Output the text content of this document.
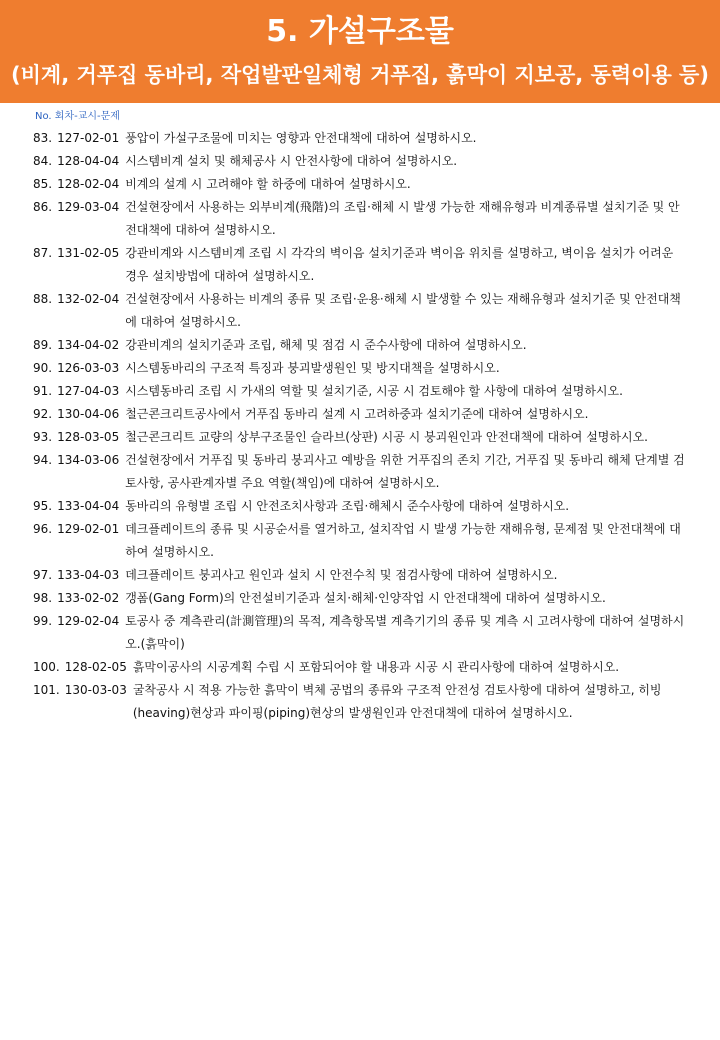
5. 가설구조물
(비계, 거푸집 동바리, 작업발판일체형 거푸집, 흙막이 지보공, 동력이용 등)
No. 회차-교시-문제
83. 127-02-01 풍압이 가설구조물에 미치는 영향과 안전대책에 대하여 설명하시오.
84. 128-04-04 시스템비계 설치 및 해체공사 시 안전사항에 대하여 설명하시오.
85. 128-02-04 비계의 설계 시 고려해야 할 하중에 대하여 설명하시오.
86. 129-03-04 건설현장에서 사용하는 외부비계(飛階)의 조립·해체 시 발생 가능한 재해유형과 비계종류별 설치기준 및 안전대책에 대하여 설명하시오.
87. 131-02-05 강관비계와 시스템비계 조립 시 각각의 벽이음 설치기준과 벽이음 위치를 설명하고, 벽이음 설치가 어려운 경우 설치방법에 대하여 설명하시오.
88. 132-02-04 건설현장에서 사용하는 비계의 종류 및 조립·운용·해체 시 발생할 수 있는 재해유형과 설치기준 및 안전대책에 대하여 설명하시오.
89. 134-04-02 강관비계의 설치기준과 조립, 해체 및 점검 시 준수사항에 대하여 설명하시오.
90. 126-03-03 시스템동바리의 구조적 특징과 붕괴발생원인 및 방지대책을 설명하시오.
91. 127-04-03 시스템동바리 조립 시 가새의 역할 및 설치기준, 시공 시 검토해야 할 사항에 대하여 설명하시오.
92. 130-04-06 철근콘크리트공사에서 거푸집 동바리 설계 시 고려하중과 설치기준에 대하여 설명하시오.
93. 128-03-05 철근콘크리트 교량의 상부구조물인 슬라브(상판) 시공 시 붕괴원인과 안전대책에 대하여 설명하시오.
94. 134-03-06 건설현장에서 거푸집 및 동바리 붕괴사고 예방을 위한 거푸집의 존치 기간, 거푸집 및 동바리 해체 단계별 검토사항, 공사관계자별 주요 역할(책임)에 대하여 설명하시오.
95. 133-04-04 동바리의 유형별 조립 시 안전조치사항과 조립·해체시 준수사항에 대하여 설명하시오.
96. 129-02-01 데크플레이트의 종류 및 시공순서를 열거하고, 설치작업 시 발생 가능한 재해유형, 문제점 및 안전대책에 대하여 설명하시오.
97. 133-04-03 데크플레이트 붕괴사고 원인과 설치 시 안전수칙 및 점검사항에 대하여 설명하시오.
98. 133-02-02 갱폼(Gang Form)의 안전설비기준과 설치·해체·인양작업 시 안전대책에 대하여 설명하시오.
99. 129-02-04 토공사 중 계측관리(計測管理)의 목적, 계측항목별 계측기기의 종류 및 계측 시 고려사항에 대하여 설명하시오.(흙막이)
100. 128-02-05 흙막이공사의 시공계획 수립 시 포함되어야 할 내용과 시공 시 관리사항에 대하여 설명하시오.
101. 130-03-03 굴착공사 시 적용 가능한 흙막이 벽체 공법의 종류와 구조적 안전성 검토사항에 대하여 설명하고, 히빙(heaving)현상과 파이핑(piping)현상의 발생원인과 안전대책에 대하여 설명하시오.
